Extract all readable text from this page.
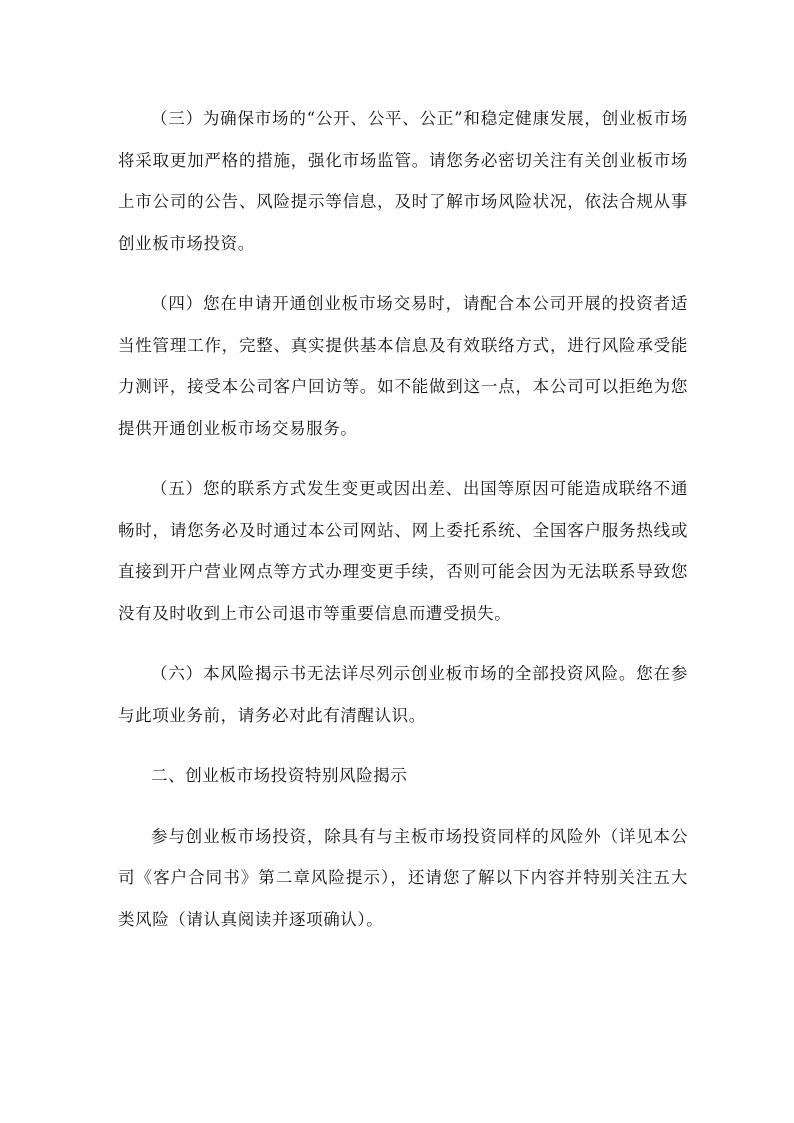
（三）为确保市场的“公开、公平、公正”和稳定健康发展，创业板市场将采取更加严格的措施，强化市场监管。请您务必密切关注有关创业板市场上市公司的公告、风险提示等信息，及时了解市场风险状况，依法合规从事创业板市场投资。

（四）您在申请开通创业板市场交易时，请配合本公司开展的投资者适当性管理工作，完整、真实提供基本信息及有效联络方式，进行风险承受能力测评，接受本公司客户回访等。如不能做到这一点，本公司可以拒绝为您提供开通创业板市场交易服务。

（五）您的联系方式发生变更或因出差、出国等原因可能造成联络不通畅时，请您务必及时通过本公司网站、网上委托系统、全国客户服务热线或直接到开户营业网点等方式办理变更手续，否则可能会因为无法联系导致您没有及时收到上市公司退市等重要信息而遭受损失。

（六）本风险揭示书无法详尽列示创业板市场的全部投资风险。您在参与此项业务前，请务必对此有清醒认识。

二、创业板市场投资特别风险揭示

参与创业板市场投资，除具有与主板市场投资同样的风险外（详见本公司《客户合同书》第二章风险提示），还请您了解以下内容并特别关注五大类风险（请认真阅读并逐项确认）。
